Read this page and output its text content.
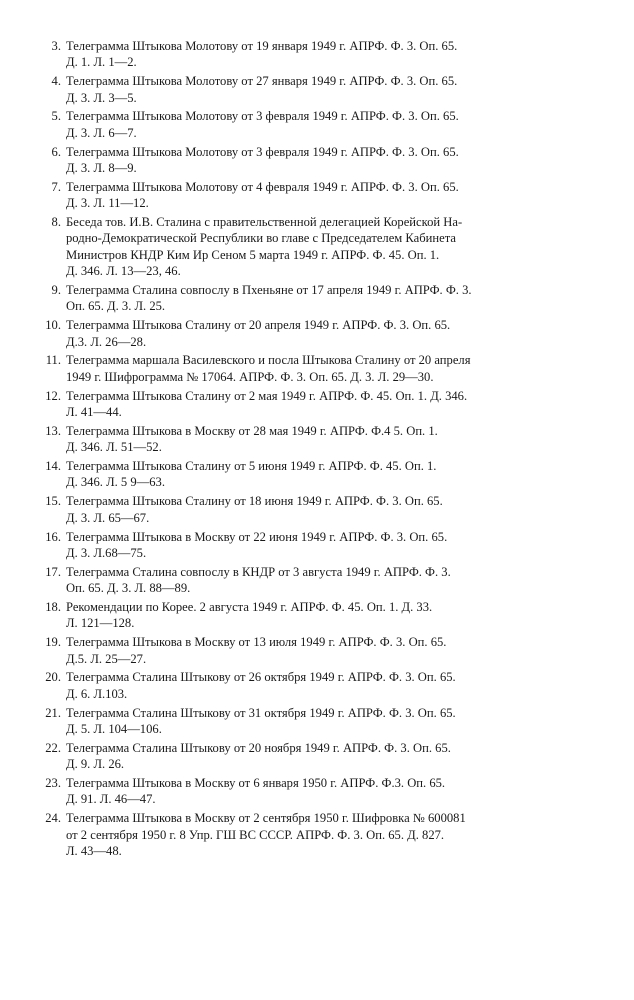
3. Телеграмма Штыкова Молотову от 19 января 1949 г. АПРФ. Ф. 3. Оп. 65.
Д. 1. Л. 1—2.
4. Телеграмма Штыкова Молотову от 27 января 1949 г. АПРФ. Ф. 3. Оп. 65.
Д. 3. Л. 3—5.
5. Телеграмма Штыкова Молотову от 3 февраля 1949 г. АПРФ. Ф. 3. Оп. 65.
Д. 3. Л. 6—7.
6. Телеграмма Штыкова Молотову от 3 февраля 1949 г. АПРФ. Ф. 3. Оп. 65.
Д. 3. Л. 8—9.
7. Телеграмма Штыкова Молотову от 4 февраля 1949 г. АПРФ. Ф. 3. Оп. 65.
Д. 3. Л. 11—12.
8. Беседа тов. И.В. Сталина с правительственной делегацией Корейской На-
родно-Демократической Республики во главе с Председателем Кабинета
Министров КНДР Ким Ир Сеном 5 марта 1949 г. АПРФ. Ф. 45. Оп. 1.
Д. 346. Л. 13—23, 46.
9. Телеграмма Сталина совпослу в Пхеньяне от 17 апреля 1949 г. АПРФ. Ф. 3.
Оп. 65. Д. 3. Л. 25.
10. Телеграмма Штыкова Сталину от 20 апреля 1949 г. АПРФ. Ф. 3. Оп. 65.
Д.3. Л. 26—28.
11. Телеграмма маршала Василевского и посла Штыкова Сталину от 20 апреля
1949 г. Шифрограмма № 17064. АПРФ. Ф. 3. Оп. 65. Д. 3. Л. 29—30.
12. Телеграмма Штыкова Сталину от 2 мая 1949 г. АПРФ. Ф. 45. Оп. 1. Д. 346.
Л. 41—44.
13. Телеграмма Штыкова в Москву от 28 мая 1949 г. АПРФ. Ф.4 5. Оп. 1.
Д. 346. Л. 51—52.
14. Телеграмма Штыкова Сталину от 5 июня 1949 г. АПРФ. Ф. 45. Оп. 1.
Д. 346. Л. 5 9—63.
15. Телеграмма Штыкова Сталину от 18 июня 1949 г. АПРФ. Ф. 3. Оп. 65.
Д. 3. Л. 65—67.
16. Телеграмма Штыкова в Москву от 22 июня 1949 г. АПРФ. Ф. 3. Оп. 65.
Д. 3. Л.68—75.
17. Телеграмма Сталина совпослу в КНДР от 3 августа 1949 г. АПРФ. Ф. 3.
Оп. 65. Д. 3. Л. 88—89.
18. Рекомендации по Корее. 2 августа 1949 г. АПРФ. Ф. 45. Оп. 1. Д. 33.
Л. 121—128.
19. Телеграмма Штыкова в Москву от 13 июля 1949 г. АПРФ. Ф. 3. Оп. 65.
Д.5. Л. 25—27.
20. Телеграмма Сталина Штыкову от 26 октября 1949 г. АПРФ. Ф. 3. Оп. 65.
Д. 6. Л.103.
21. Телеграмма Сталина Штыкову от 31 октября 1949 г. АПРФ. Ф. 3. Оп. 65.
Д. 5. Л. 104—106.
22. Телеграмма Сталина Штыкову от 20 ноября 1949 г. АПРФ. Ф. 3. Оп. 65.
Д. 9. Л. 26.
23. Телеграмма Штыкова в Москву от 6 января 1950 г. АПРФ. Ф.3. Оп. 65.
Д. 91. Л. 46—47.
24. Телеграмма Штыкова в Москву от 2 сентября 1950 г. Шифровка № 600081
от 2 сентября 1950 г. 8 Упр. ГШ ВС СССР. АПРФ. Ф. 3. Оп. 65. Д. 827.
Л. 43—48.
